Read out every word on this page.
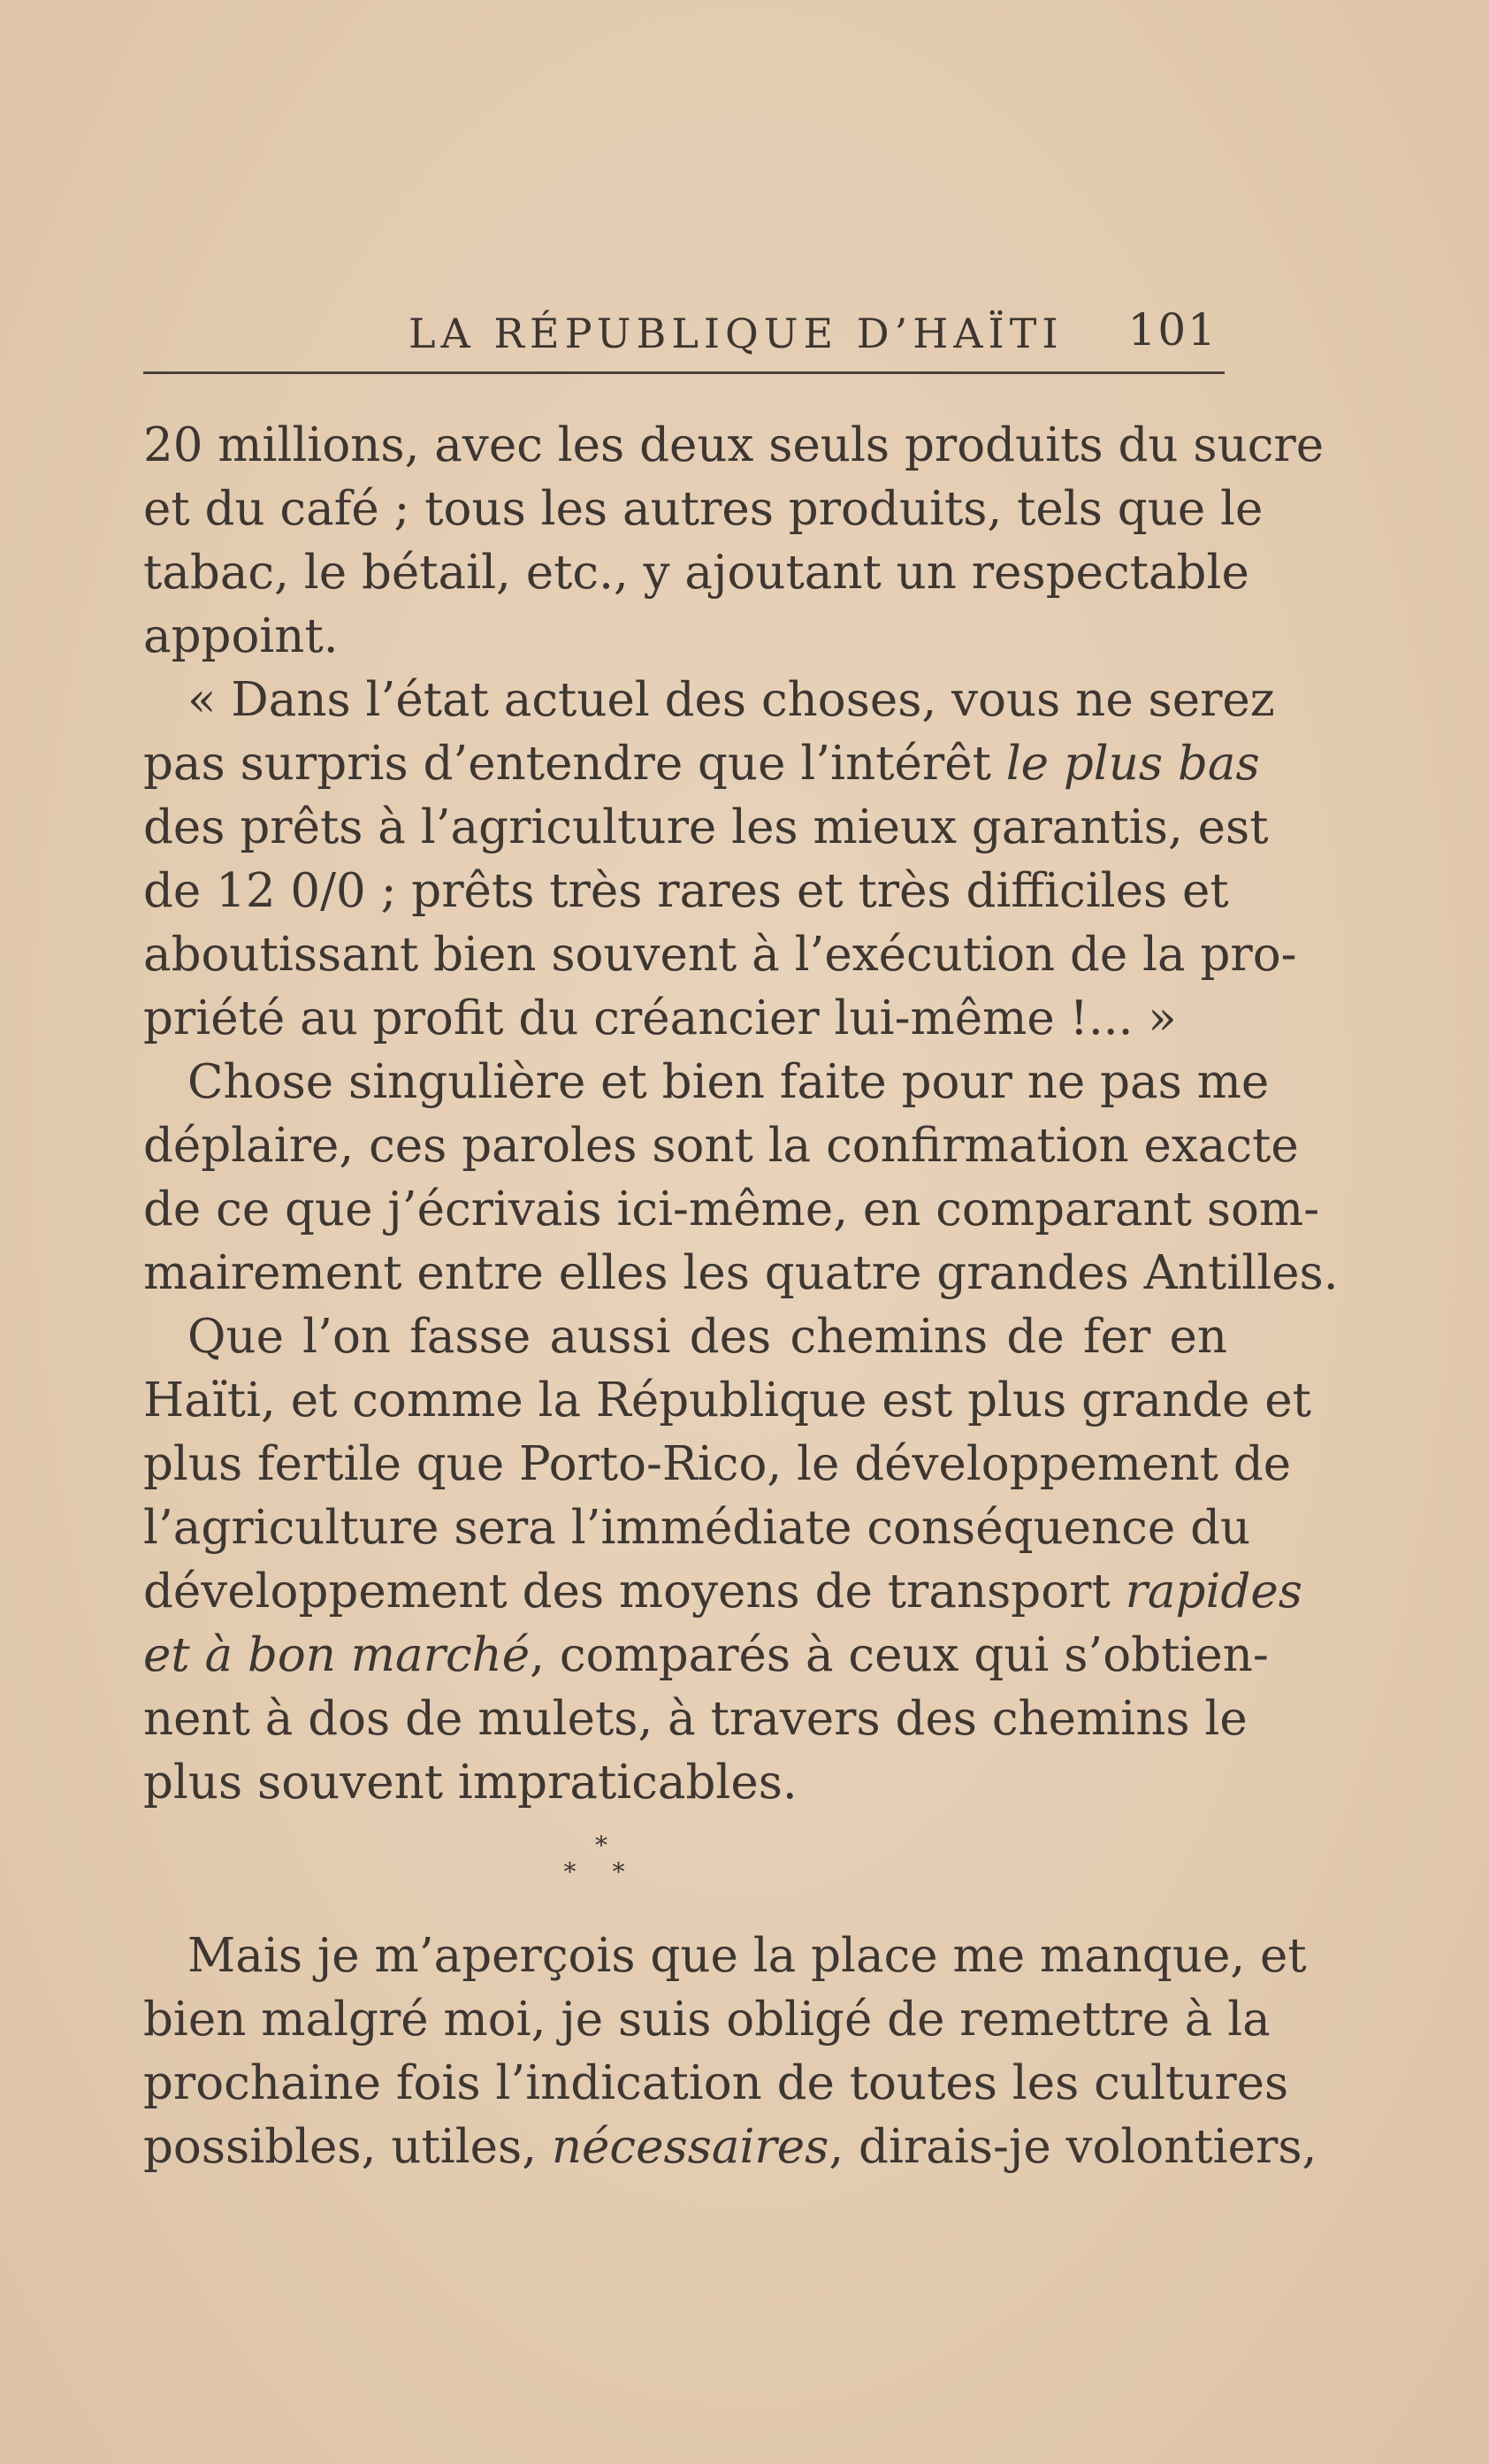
LA RÉPUBLIQUE D’HAÏTI 101
20 millions, avec les deux seuls produits du sucre
et du café ; tous les autres produits, tels que le
tabac, le bétail, etc., y ajoutant un respectable
appoint.
« Dans l’état actuel des choses, vous ne serez
pas surpris d’entendre que l’intérêt le plus bas
des prêts à l’agriculture les mieux garantis, est
de 12 0/0 ; prêts très rares et très difficiles et
aboutissant bien souvent à l’exécution de la pro-
priété au profit du créancier lui-même !... »
Chose singulière et bien faite pour ne pas me
déplaire, ces paroles sont la confirmation exacte
de ce que j’écrivais ici-même, en comparant som-
mairement entre elles les quatre grandes Antilles.
Que l’on fasse aussi des chemins de fer en
Haïti, et comme la République est plus grande et
plus fertile que Porto-Rico, le développement de
l’agriculture sera l’immédiate conséquence du
développement des moyens de transport rapides
et à bon marché, comparés à ceux qui s’obtien-
nent à dos de mulets, à travers des chemins le
plus souvent impraticables.
*
* *
Mais je m’aperçois que la place me manque, et
bien malgré moi, je suis obligé de remettre à la
prochaine fois l’indication de toutes les cultures
possibles, utiles, nécessaires, dirais-je volontiers,
